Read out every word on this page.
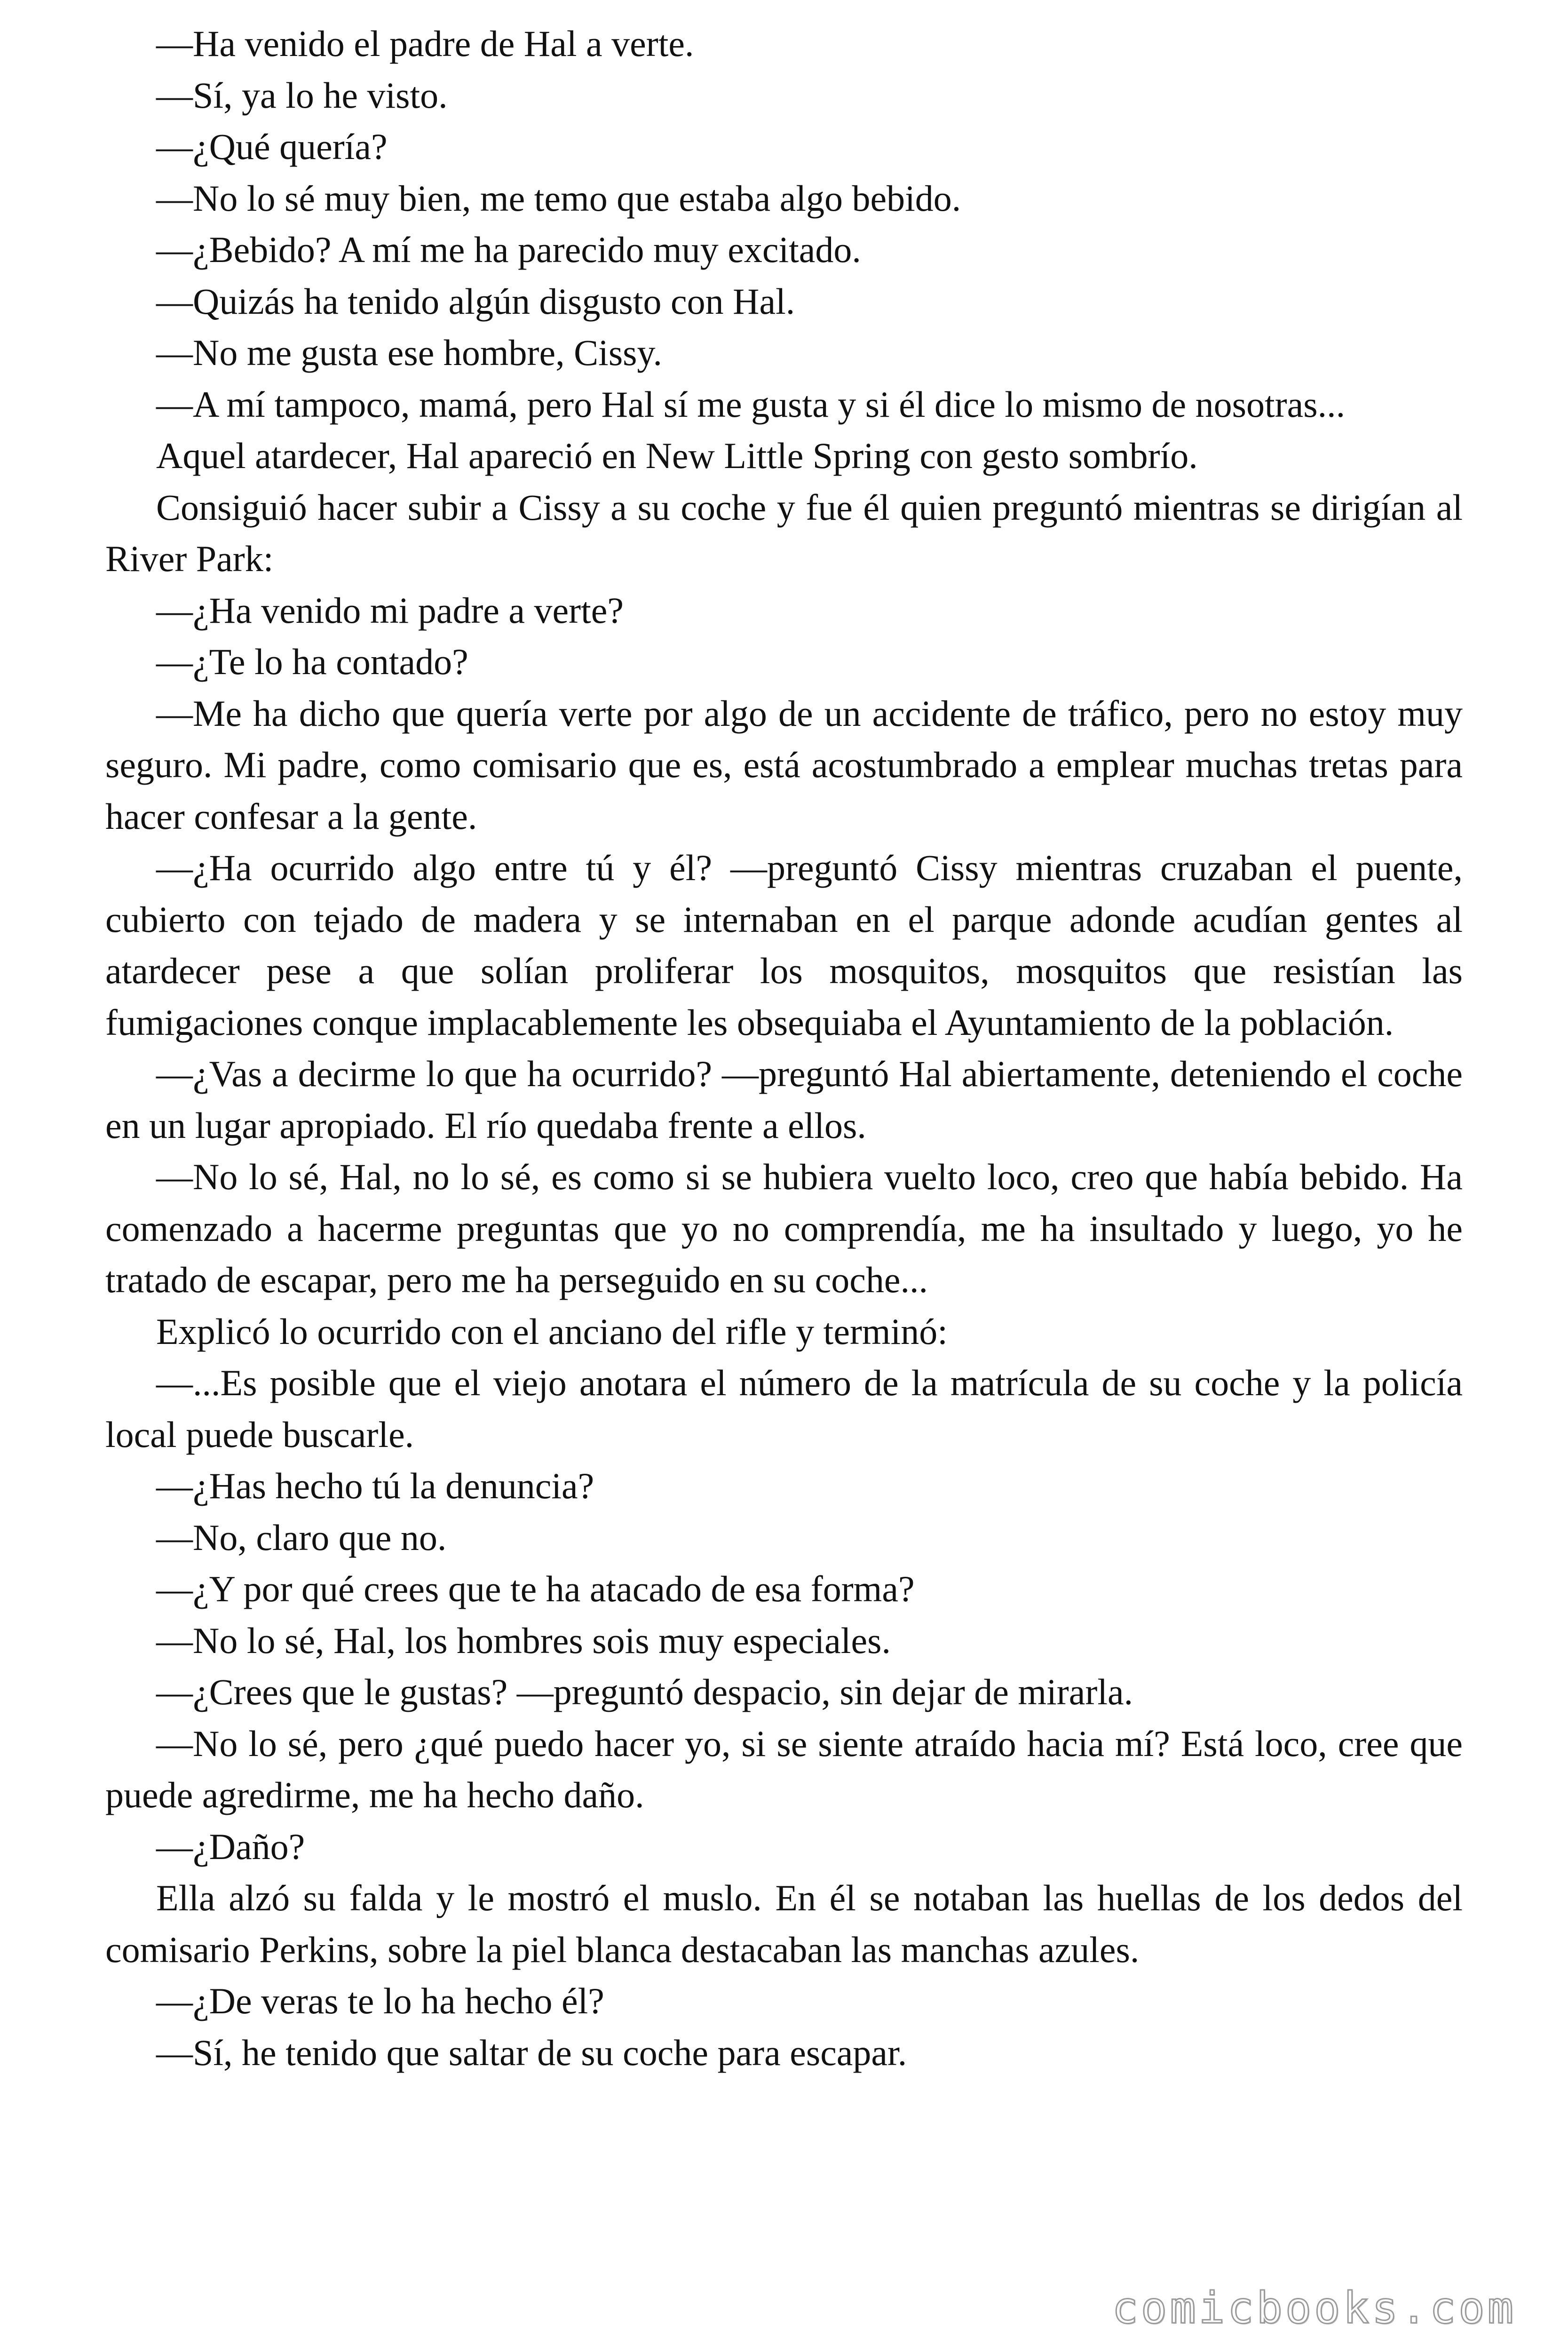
—Ha venido el padre de Hal a verte.

—Sí, ya lo he visto.

—¿Qué quería?

—No lo sé muy bien, me temo que estaba algo bebido.

—¿Bebido? A mí me ha parecido muy excitado.

—Quizás ha tenido algún disgusto con Hal.

—No me gusta ese hombre, Cissy.

—A mí tampoco, mamá, pero Hal sí me gusta y si él dice lo mismo de nosotras...

Aquel atardecer, Hal apareció en New Little Spring con gesto sombrío.

Consiguió hacer subir a Cissy a su coche y fue él quien preguntó mientras se dirigían al River Park:

—¿Ha venido mi padre a verte?

—¿Te lo ha contado?

—Me ha dicho que quería verte por algo de un accidente de tráfico, pero no estoy muy seguro. Mi padre, como comisario que es, está acostumbrado a emplear muchas tretas para hacer confesar a la gente.

—¿Ha ocurrido algo entre tú y él? —preguntó Cissy mientras cruzaban el puente, cubierto con tejado de madera y se internaban en el parque adonde acudían gentes al atardecer pese a que solían proliferar los mosquitos, mosquitos que resistían las fumigaciones conque implacablemente les obsequiaba el Ayuntamiento de la población.

—¿Vas a decirme lo que ha ocurrido? —preguntó Hal abiertamente, deteniendo el coche en un lugar apropiado. El río quedaba frente a ellos.

—No lo sé, Hal, no lo sé, es como si se hubiera vuelto loco, creo que había bebido. Ha comenzado a hacerme preguntas que yo no comprendía, me ha insultado y luego, yo he tratado de escapar, pero me ha perseguido en su coche...

Explicó lo ocurrido con el anciano del rifle y terminó:

—...Es posible que el viejo anotara el número de la matrícula de su coche y la policía local puede buscarle.

—¿Has hecho tú la denuncia?

—No, claro que no.

—¿Y por qué crees que te ha atacado de esa forma?

—No lo sé, Hal, los hombres sois muy especiales.

—¿Crees que le gustas? —preguntó despacio, sin dejar de mirarla.

—No lo sé, pero ¿qué puedo hacer yo, si se siente atraído hacia mí? Está loco, cree que puede agredirme, me ha hecho daño.

—¿Daño?

Ella alzó su falda y le mostró el muslo. En él se notaban las huellas de los dedos del comisario Perkins, sobre la piel blanca destacaban las manchas azules.

—¿De veras te lo ha hecho él?

—Sí, he tenido que saltar de su coche para escapar.

comicbooks.com
